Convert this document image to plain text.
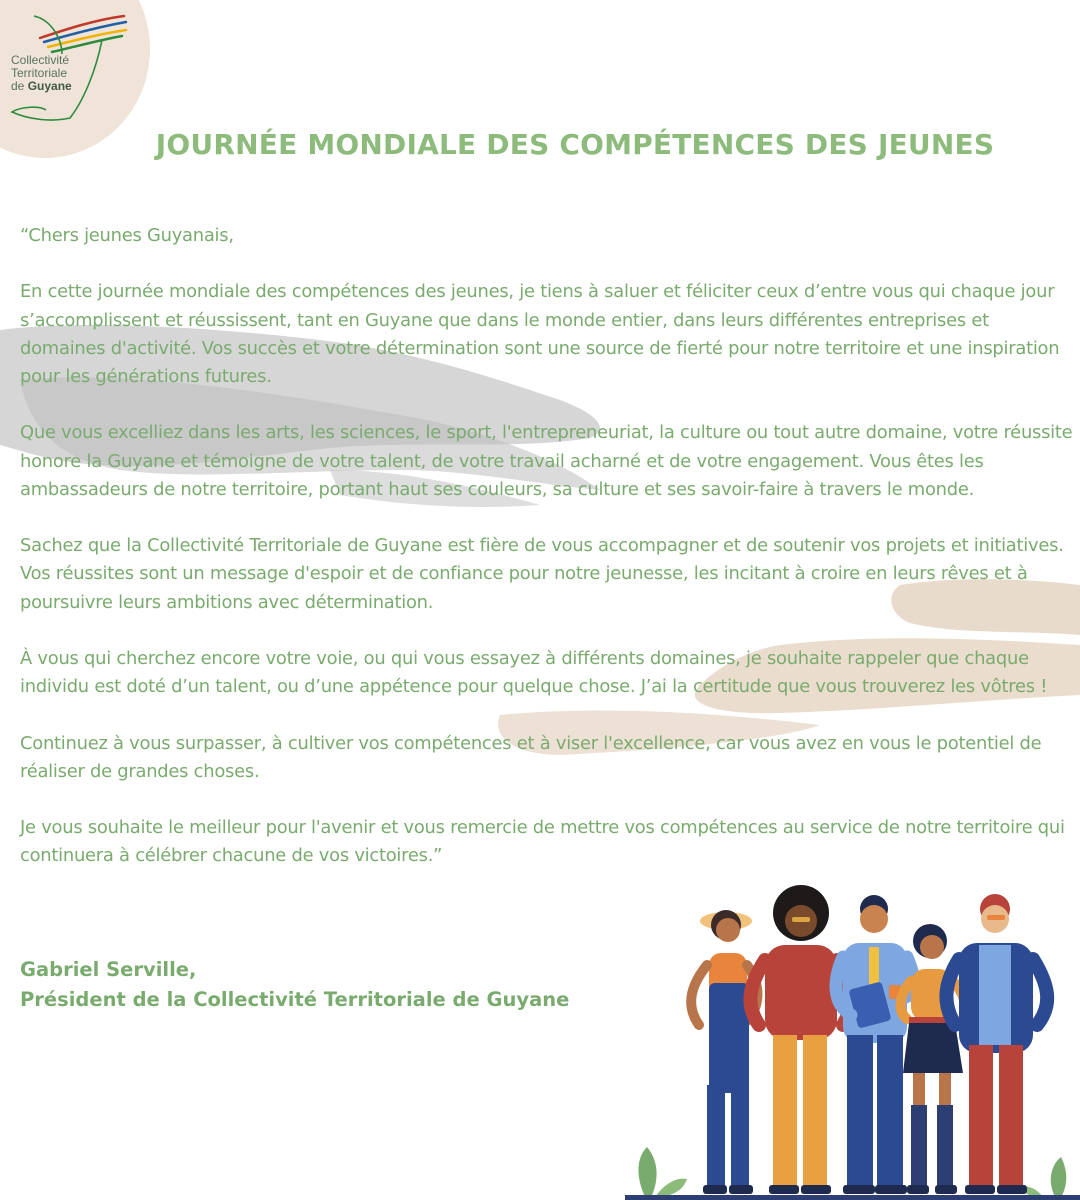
Collectivité
Territoriale
de Guyane
JOURNÉE MONDIALE DES COMPÉTENCES DES JEUNES

“Chers jeunes Guyanais,

En cette journée mondiale des compétences des jeunes, je tiens à saluer et féliciter ceux d’entre vous qui chaque jour s’accomplissent et réussissent, tant en Guyane que dans le monde entier, dans leurs différentes entreprises et domaines d'activité. Vos succès et votre détermination sont une source de fierté pour notre territoire et une inspiration pour les générations futures.

Que vous excelliez dans les arts, les sciences, le sport, l'entrepreneuriat, la culture ou tout autre domaine, votre réussite honore la Guyane et témoigne de votre talent, de votre travail acharné et de votre engagement. Vous êtes les ambassadeurs de notre territoire, portant haut ses couleurs, sa culture et ses savoir-faire à travers le monde.

Sachez que la Collectivité Territoriale de Guyane est fière de vous accompagner et de soutenir vos projets et initiatives. Vos réussites sont un message d'espoir et de confiance pour notre jeunesse, les incitant à croire en leurs rêves et à poursuivre leurs ambitions avec détermination.

À vous qui cherchez encore votre voie, ou qui vous essayez à différents domaines, je souhaite rappeler que chaque individu est doté d’un talent, ou d’une appétence pour quelque chose. J’ai la certitude que vous trouverez les vôtres !

Continuez à vous surpasser, à cultiver vos compétences et à viser l'excellence, car vous avez en vous le potentiel de réaliser de grandes choses.

Je vous souhaite le meilleur pour l'avenir et vous remercie de mettre vos compétences au service de notre territoire qui continuera à célébrer chacune de vos victoires.”

Gabriel Serville,
Président de la Collectivité Territoriale de Guyane
